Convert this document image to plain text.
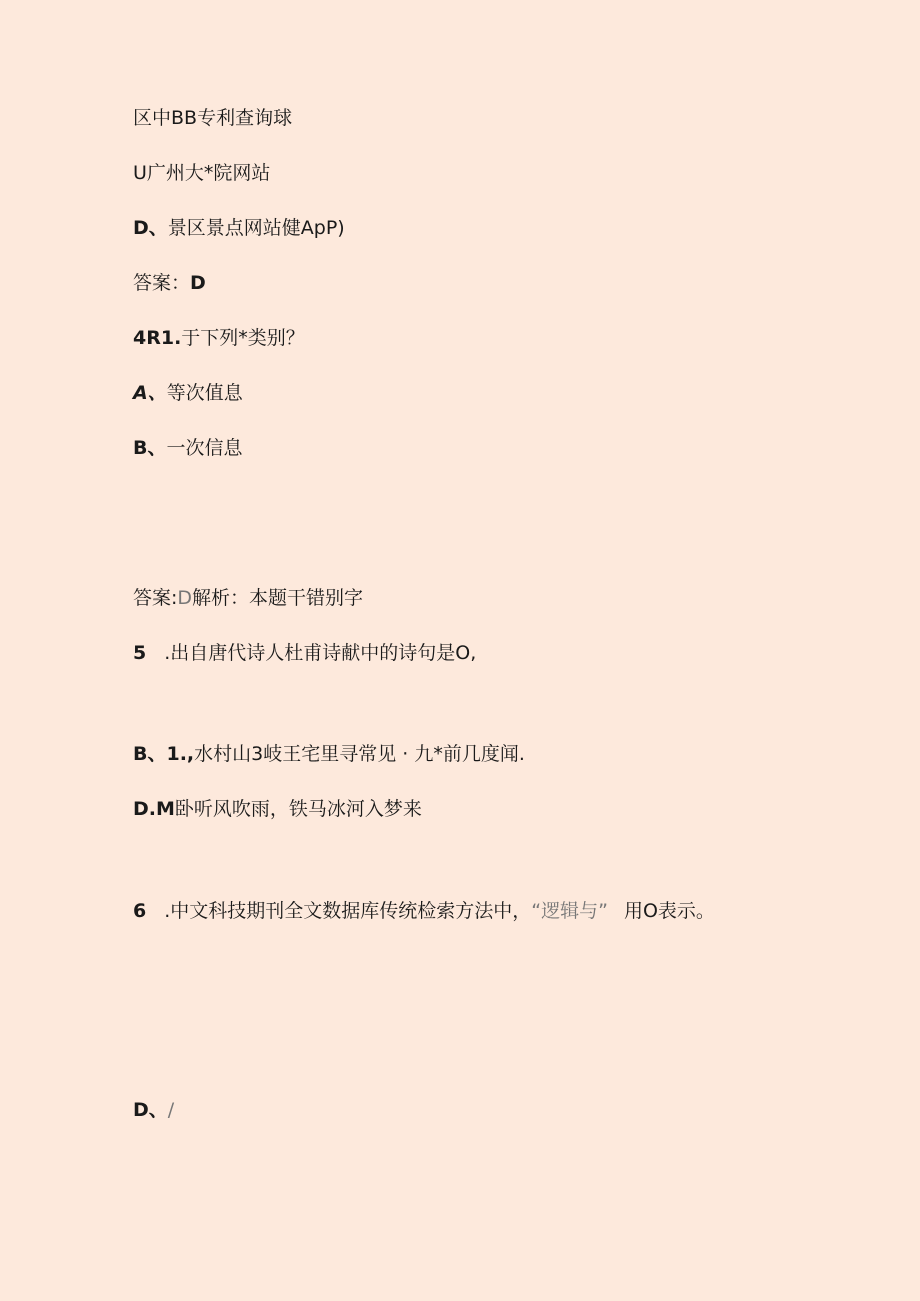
区中BB专利查询球
U广州大*院网站
D、景区景点网站健ApP)
答案：D
4R1.于下列*类别？
A、等次值息
B、一次信息
答案:D解析：本题干错别字
5 .出自唐代诗人杜甫诗献中的诗句是O,
B、1.,水村山3岐王宅里寻常见 · 九*前几度闻.
D.M卧听风吹雨，铁马冰河入梦来
6 .中文科技期刊全文数据库传统检索方法中，“逻辑与” 用O表示。
D、/
